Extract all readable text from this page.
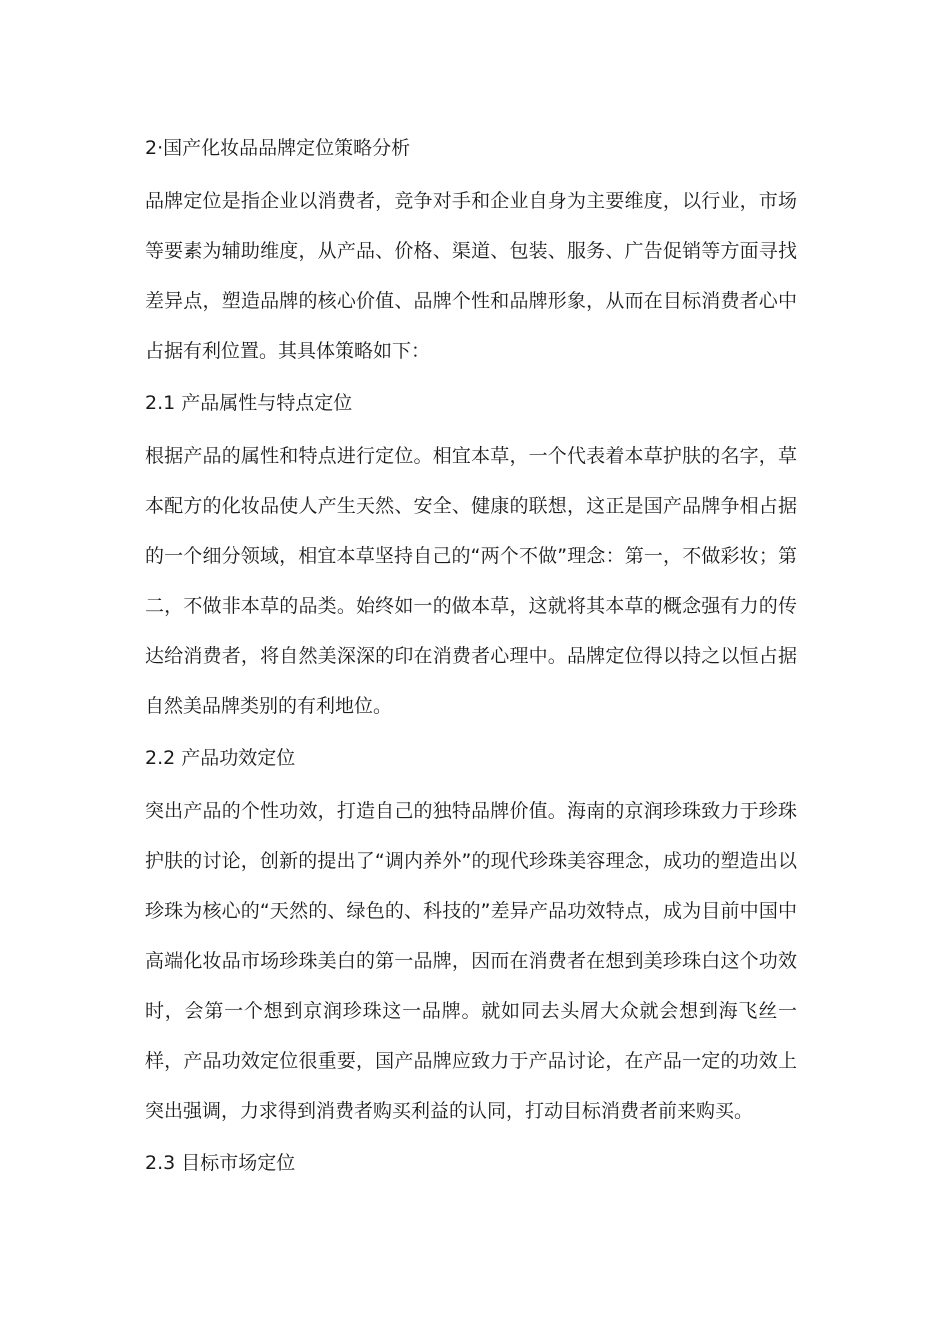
2·国产化妆品品牌定位策略分析

品牌定位是指企业以消费者，竞争对手和企业自身为主要维度，以行业，市场等要素为辅助维度，从产品、价格、渠道、包装、服务、广告促销等方面寻找差异点，塑造品牌的核心价值、品牌个性和品牌形象，从而在目标消费者心中占据有利位置。其具体策略如下：

2.1 产品属性与特点定位

根据产品的属性和特点进行定位。相宜本草，一个代表着本草护肤的名字，草本配方的化妆品使人产生天然、安全、健康的联想，这正是国产品牌争相占据的一个细分领域，相宜本草坚持自己的“两个不做”理念：第一，不做彩妆；第二，不做非本草的品类。始终如一的做本草，这就将其本草的概念强有力的传达给消费者，将自然美深深的印在消费者心理中。品牌定位得以持之以恒占据自然美品牌类别的有利地位。

2.2 产品功效定位

突出产品的个性功效，打造自己的独特品牌价值。海南的京润珍珠致力于珍珠护肤的讨论，创新的提出了“调内养外”的现代珍珠美容理念，成功的塑造出以珍珠为核心的“天然的、绿色的、科技的”差异产品功效特点，成为目前中国中高端化妆品市场珍珠美白的第一品牌，因而在消费者在想到美珍珠白这个功效时，会第一个想到京润珍珠这一品牌。就如同去头屑大众就会想到海飞丝一样，产品功效定位很重要，国产品牌应致力于产品讨论，在产品一定的功效上突出强调，力求得到消费者购买利益的认同，打动目标消费者前来购买。

2.3 目标市场定位
